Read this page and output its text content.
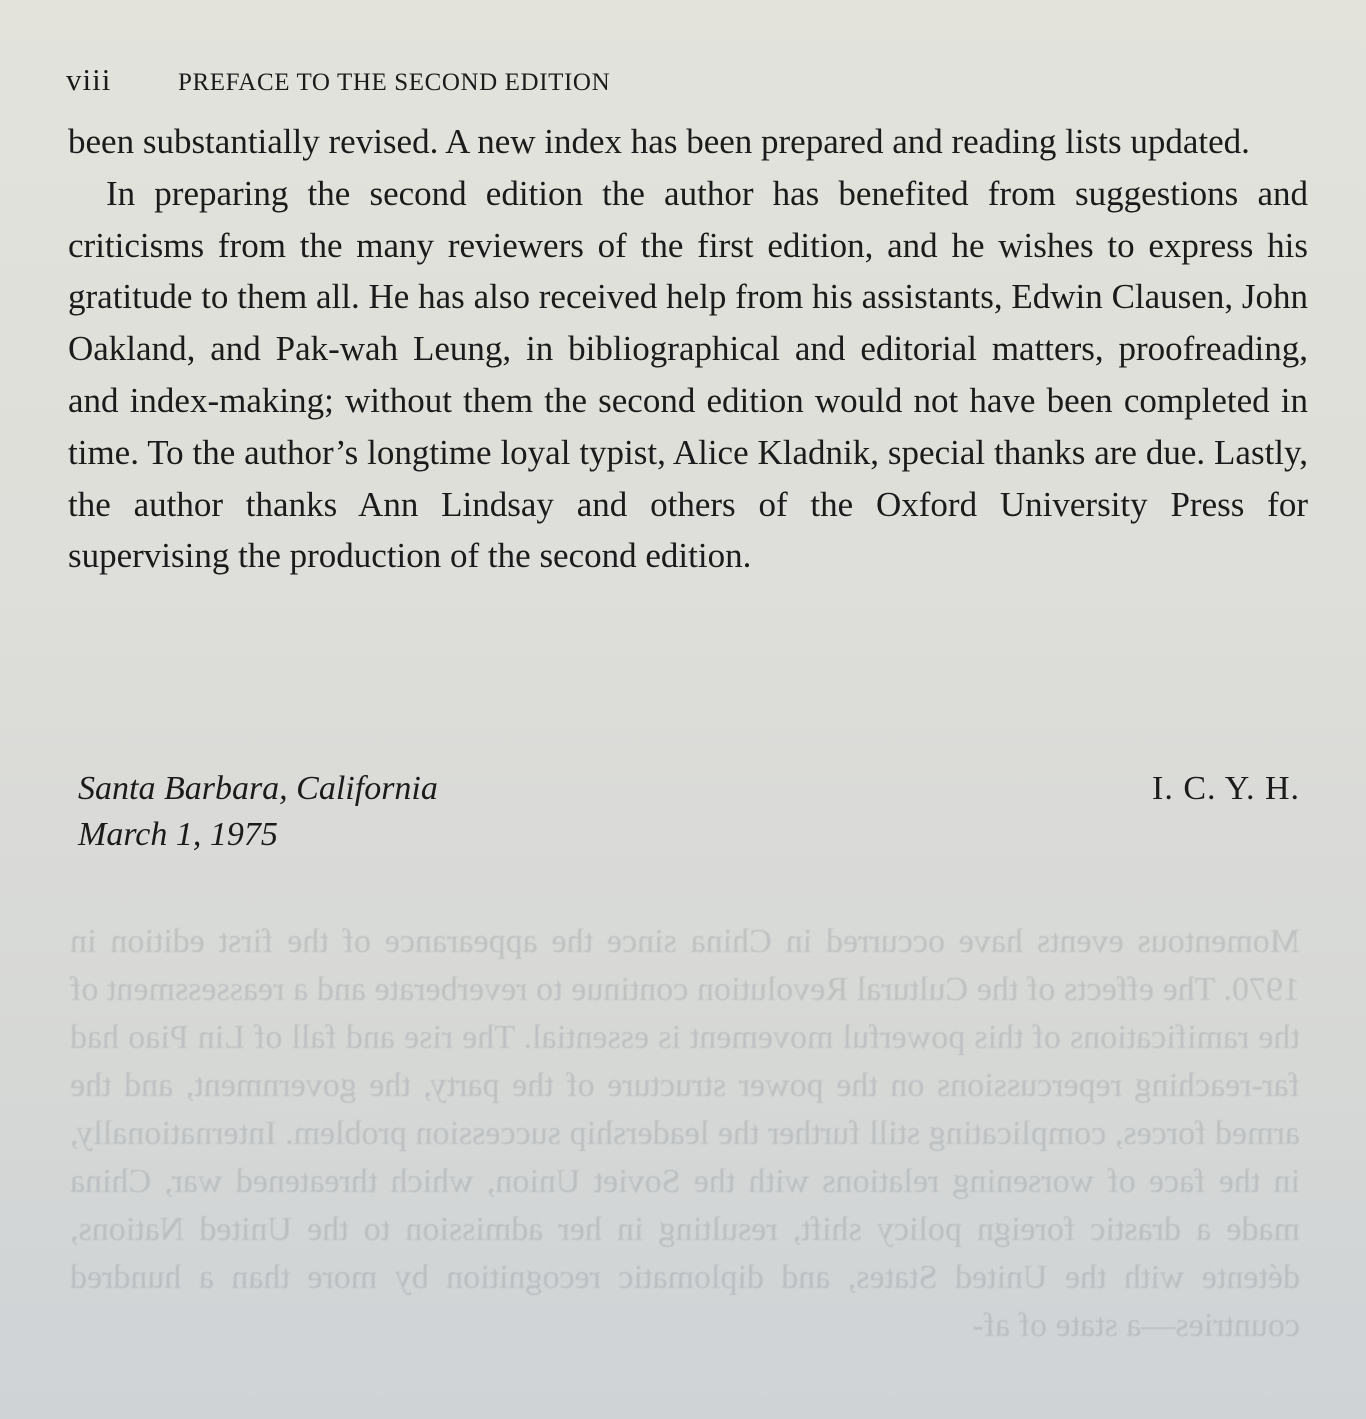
Momentous events have occurred in China since the appearance of the first edition in 1970. The effects of the Cultural Revolution continue to reverberate and a reassessment of the ramifications of this powerful movement is essential. The rise and fall of Lin Piao had far-reaching repercussions on the power structure of the party, the government, and the armed forces, complicating still further the leadership succession problem. Internationally, in the face of worsening relations with the Soviet Union, which threatened war, China made a drastic foreign policy shift, resulting in her admission to the United Nations, détente with the United States, and diplomatic recognition by more than a hundred countries—a state of af-
viii	PREFACE TO THE SECOND EDITION

been substantially revised. A new index has been prepared and reading lists updated.

In preparing the second edition the author has benefited from suggestions and criticisms from the many reviewers of the first edition, and he wishes to express his gratitude to them all. He has also received help from his assistants, Edwin Clausen, John Oakland, and Pak-wah Leung, in bibliographical and editorial matters, proofreading, and index-making; without them the second edition would not have been completed in time. To the author’s longtime loyal typist, Alice Kladnik, special thanks are due. Lastly, the author thanks Ann Lindsay and others of the Oxford University Press for supervising the production of the second edition.

Santa Barbara, California
March 1, 1975
I. C. Y. H.
